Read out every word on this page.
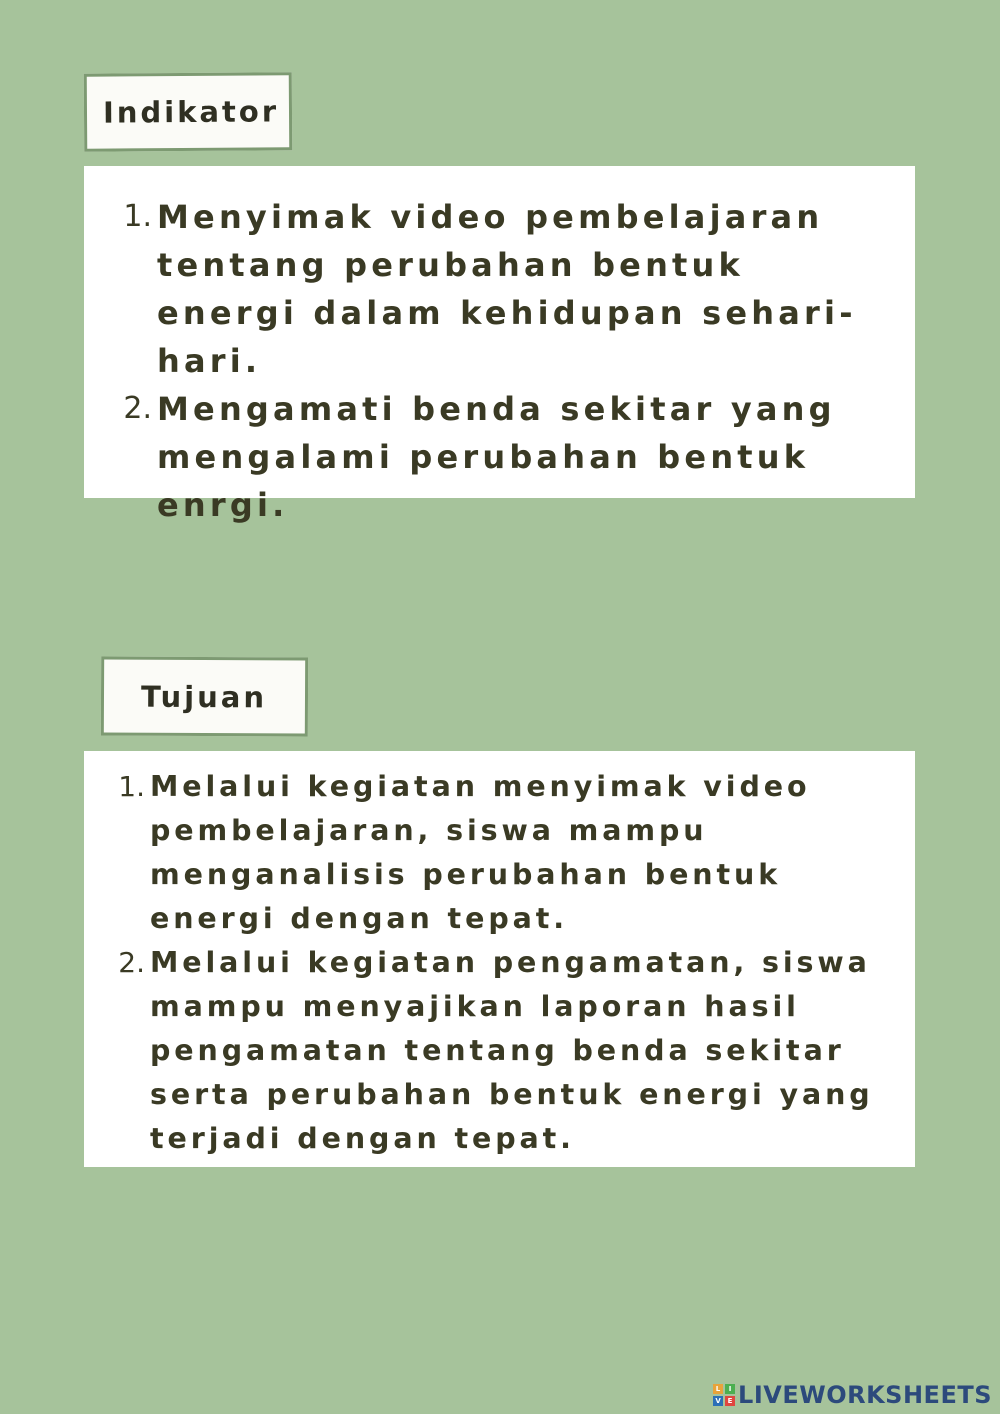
Indikator
1. Menyimak video pembelajaran tentang perubahan bentuk energi dalam kehidupan sehari-hari.
2. Mengamati benda sekitar yang mengalami perubahan bentuk enrgi.
Tujuan
1. Melalui kegiatan menyimak video pembelajaran, siswa mampu menganalisis perubahan bentuk energi dengan tepat.
2. Melalui kegiatan pengamatan, siswa mampu menyajikan laporan hasil pengamatan tentang benda sekitar serta perubahan bentuk energi yang terjadi dengan tepat.
L	I
V E LIVEWORKSHEETS
